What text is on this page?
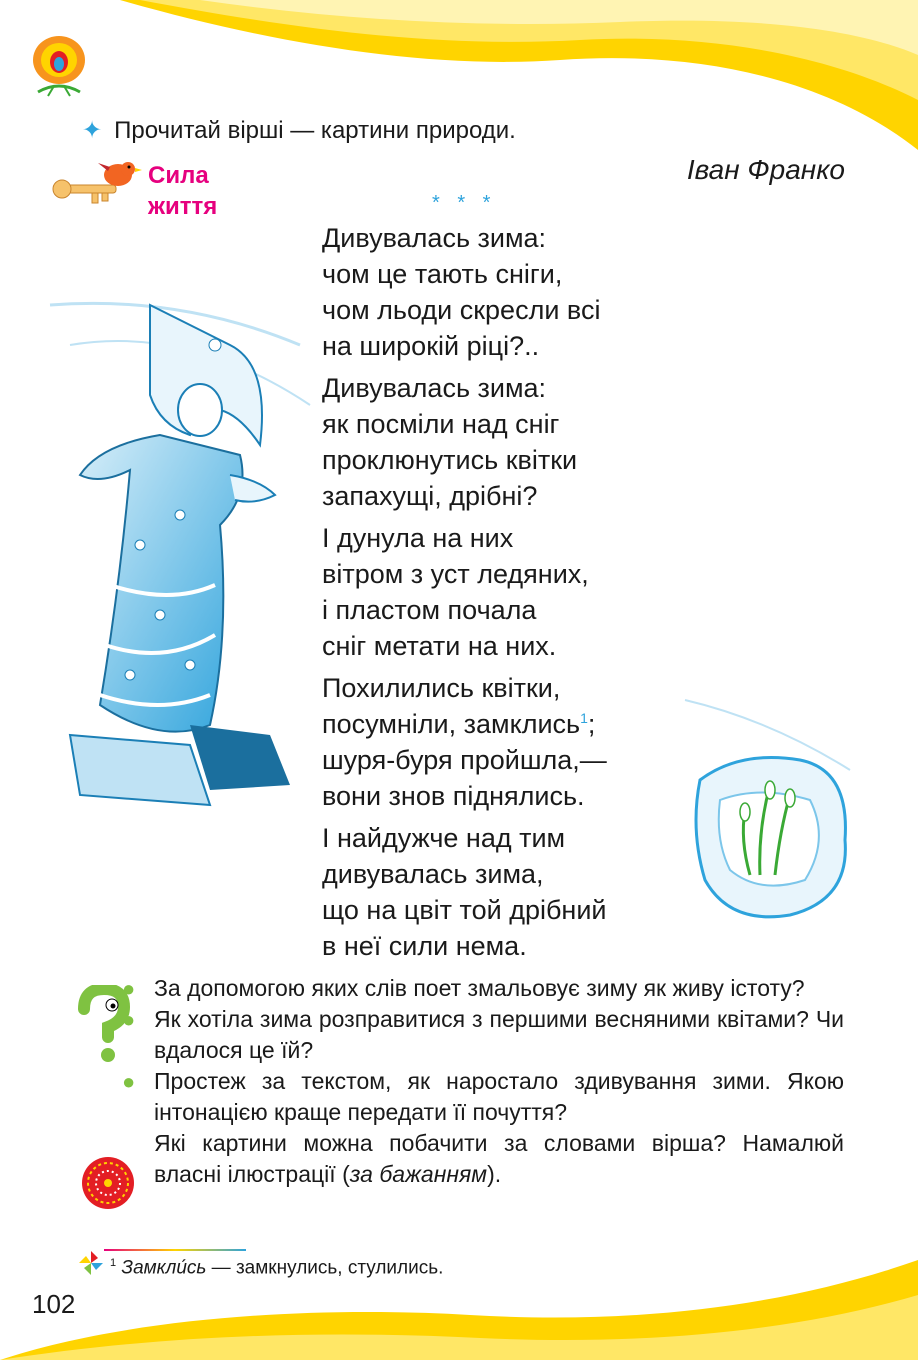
✦ Прочитай вірші — картини природи.
Сила
життя
Іван Франко
* * *
Дивувалась зима:
чом це тають сніги,
чом льоди скресли всі
на широкій ріці?..
Дивувалась зима:
як посміли над сніг
проклюнутись квітки
запахущі, дрібні?
І дунула на них
вітром з уст ледяних,
і пластом почала
сніг метати на них.
Похилились квітки,
посумніли, замклись$^1$;
шуря-буря пройшла,—
вони знов піднялись.
І найдужче над тим
дивувалась зима,
що на цвіт той дрібний
в неї сили нема.
● За допомогою яких слів поет змальовує зиму як живу істоту?
● Як хотіла зима розправитися з першими весняними квітами? Чи вдалося це їй?
● Простеж за текстом, як наростало здивування зими. Якою інтонацією краще передати її почуття?
Які картини можна побачити за словами вірша? Намалюй власні ілюстрації (за бажанням).
$^1$ Замкли́сь — замкнулись, стулились.
102
